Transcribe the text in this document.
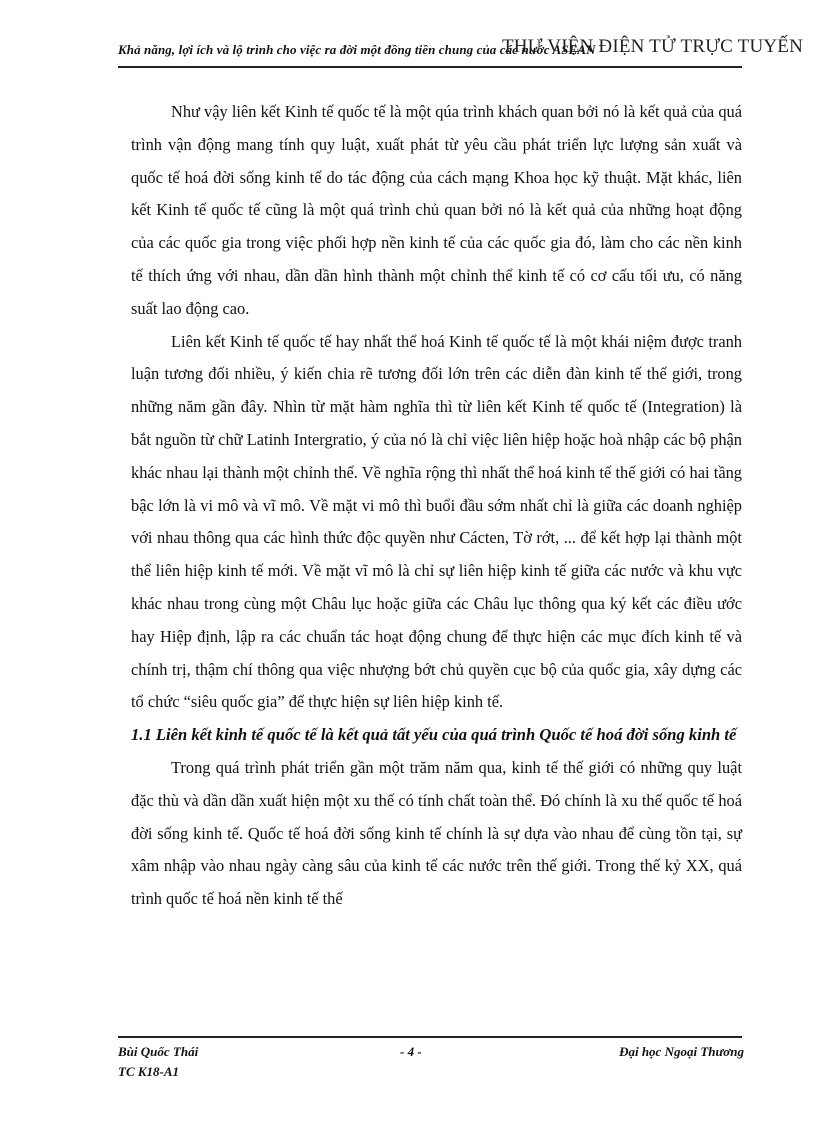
Khả năng, lợi ích và lộ trình cho việc ra đời một đồng tiền chung của các nước ASEAN
THƯ VIỆN ĐIỆN TỬ TRỰC TUYẾN

Như vậy liên kết Kinh tế quốc tế là một qúa trình khách quan bởi nó là kết quả của quá trình vận động mang tính quy luật, xuất phát từ yêu cầu phát triển lực lượng sản xuất và quốc tế hoá đời sống kinh tế do tác động của cách mạng Khoa học kỹ thuật. Mặt khác, liên kết Kinh tế quốc tế cũng là một quá trình chủ quan bởi nó là kết quả của những hoạt động của các quốc gia trong việc phối hợp nền kinh tế của các quốc gia đó, làm cho các nền kinh tế thích ứng với nhau, dần dần hình thành một chỉnh thể kinh tế có cơ cấu tối ưu, có năng suất lao động cao.

Liên kết Kinh tế quốc tế hay nhất thể hoá Kinh tế quốc tế là một khái niệm được tranh luận tương đối nhiều, ý kiến chia rẽ tương đối lớn trên các diễn đàn kinh tế thế giới, trong những năm gần đây. Nhìn từ mặt hàm nghĩa thì từ liên kết Kinh tế quốc tế (Integration) là bắt nguồn từ chữ Latinh Intergratio, ý của nó là chỉ việc liên hiệp hoặc hoà nhập các bộ phận khác nhau lại thành một chỉnh thể. Về nghĩa rộng thì nhất thể hoá kinh tế thế giới có hai tầng bậc lớn là vi mô và vĩ mô. Về mặt vi mô thì buổi đầu sớm nhất chỉ là giữa các doanh nghiệp với nhau thông qua các hình thức độc quyền như Cácten, Tờ rớt, ... để kết hợp lại thành một thể liên hiệp kinh tế mới. Về mặt vĩ mô là chỉ sự liên hiệp kinh tế giữa các nước và khu vực khác nhau trong cùng một Châu lục hoặc giữa các Châu lục thông qua ký kết các điều ước hay Hiệp định, lập ra các chuẩn tác hoạt động chung để thực hiện các mục đích kinh tế và chính trị, thậm chí thông qua việc nhượng bớt chủ quyền cục bộ của quốc gia, xây dựng các tổ chức “siêu quốc gia” để thực hiện sự liên hiệp kinh tế.

1.1 Liên kết kinh tế quốc tế là kết quả tất yếu của quá trình Quốc tế hoá đời sống kinh tế

Trong quá trình phát triển gần một trăm năm qua, kinh tế thế giới có những quy luật đặc thù và dần dần xuất hiện một xu thế có tính chất toàn thể. Đó chính là xu thế quốc tế hoá đời sống kinh tế. Quốc tế hoá đời sống kinh tế chính là sự dựa vào nhau để cùng tồn tại, sự xâm nhập vào nhau ngày càng sâu của kinh tế các nước trên thế giới. Trong thế kỷ XX, quá trình quốc tế hoá nền kinh tế thế

Bùi Quốc Thái
TC K18-A1
- 4 -	Đại học Ngoại Thương
